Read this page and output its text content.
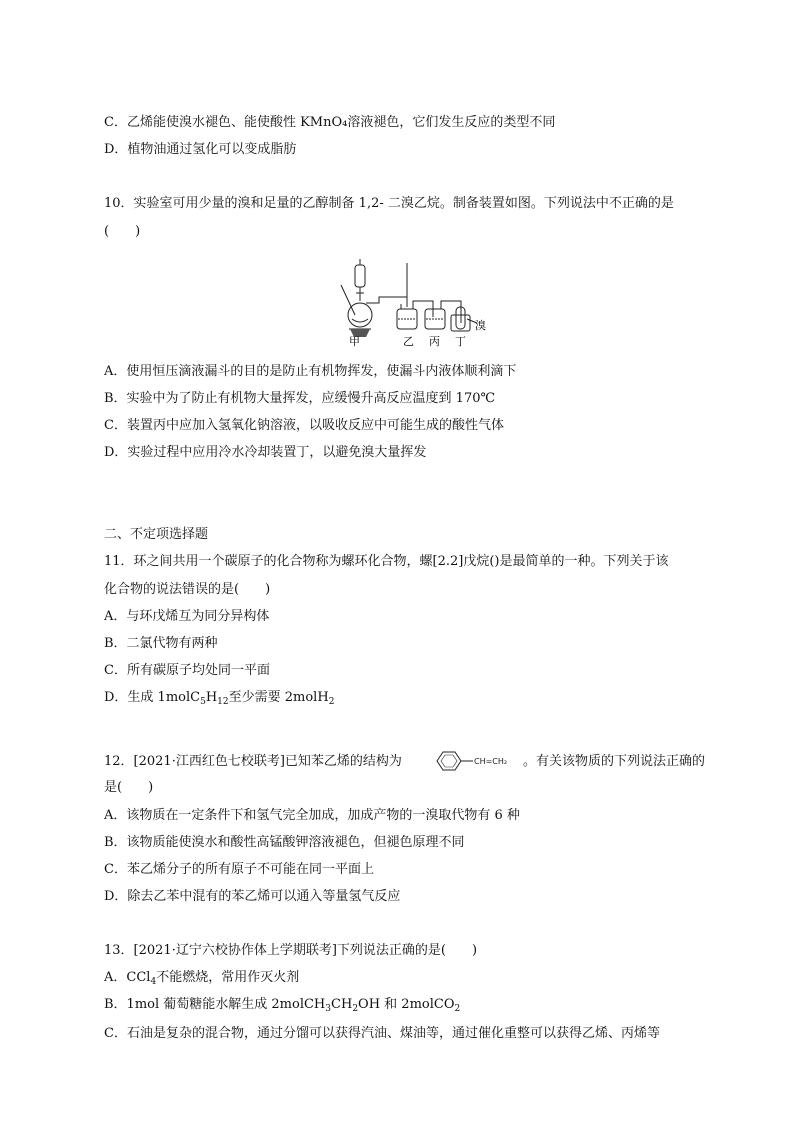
C．乙烯能使溴水褪色、能使酸性 KMnO₄溶液褪色，它们发生反应的类型不同
D．植物油通过氢化可以变成脂肪
10．实验室可用少量的溴和足量的乙醇制备 1,2- 二溴乙烷。制备装置如图。下列说法中不正确的是
(　　)
甲	乙 丙 丁
溴
A．使用恒压滴液漏斗的目的是防止有机物挥发，使漏斗内液体顺利滴下
B．实验中为了防止有机物大量挥发，应缓慢升高反应温度到 170℃
C．装置丙中应加入氢氧化钠溶液，以吸收反应中可能生成的酸性气体
D．实验过程中应用冷水冷却装置丁，以避免溴大量挥发
二、不定项选择题
11．环之间共用一个碳原子的化合物称为螺环化合物，螺[2.2]戊烷()是最简单的一种。下列关于该
化合物的说法错误的是(　　)
A．与环戊烯互为同分异构体
B．二氯代物有两种
C．所有碳原子均处同一平面
D．生成 $1molC_5H_{12}$至少需要 2molH$_2$
12．[2021·江西红色七校联考]已知苯乙烯的结构为	CH=CH₂ 。有关该物质的下列说法正确的
是(　　)
A．该物质在一定条件下和氢气完全加成，加成产物的一溴取代物有 6 种
B．该物质能使溴水和酸性高锰酸钾溶液褪色，但褪色原理不同
C．苯乙烯分子的所有原子不可能在同一平面上
D．除去乙苯中混有的苯乙烯可以通入等量氢气反应
13．[2021·辽宁六校协作体上学期联考]下列说法正确的是(　　)
A．CCl$_4$不能燃烧，常用作灭火剂
B．1mol 葡萄糖能水解生成 $2molCH_3CH_2OH$ 和 2molCO$_2$
C．石油是复杂的混合物，通过分馏可以获得汽油、煤油等，通过催化重整可以获得乙烯、丙烯等
